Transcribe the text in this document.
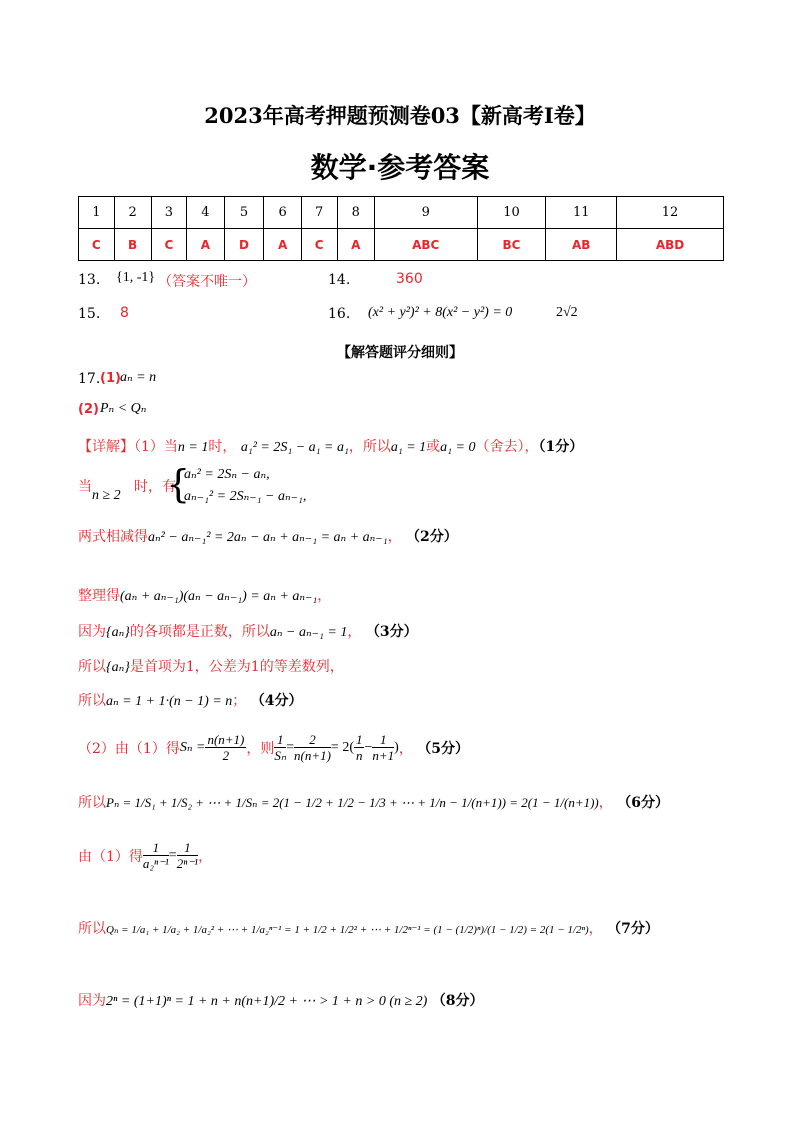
2023年高考押题预测卷03【新高考Ⅰ卷】
数学·参考答案
1	2	3	4	5	6	7	8	9	10	11	12
C	B	C	A	D	A	C	A	ABC	BC	AB	ABD
13. {1, -1} （答案不唯一）	14.	360
15. 8	16. (x² + y²)² + 8(x² − y²) = 0	2√2
【解答题评分细则】
17. (1) aₙ = n
(2) Pₙ < Qₙ
【详解】（1）当n = 1时， a₁² = 2S₁ − a₁ = a₁，所以a₁ = 1或a₁ = 0（舍去），（1分）
当
n ≥ 2
时，有
{
aₙ² = 2Sₙ − aₙ,
aₙ₋₁² = 2Sₙ₋₁ − aₙ₋₁,
两式相减得aₙ² − aₙ₋₁² = 2aₙ − aₙ + aₙ₋₁ = aₙ + aₙ₋₁， （2分）
整理得(aₙ + aₙ₋₁)(aₙ − aₙ₋₁) = aₙ + aₙ₋₁，
因为{aₙ}的各项都是正数，所以aₙ − aₙ₋₁ = 1， （3分）
所以{aₙ}是首项为1，公差为1的等差数列，
所以aₙ = 1 + 1·(n − 1) = n； （4分）
（2）由（1）得 $S_n = \frac{n(n+1)}{2}$ ，则 $\frac{1}{\text{Sₙ}} = \frac{2}{n(n+1)} = 2( \frac{1}{n} - \frac{1}{n+1}$ ) ，
（5分）
所以Pₙ = 1/S₁ + 1/S₂ + ⋯ + 1/Sₙ = 2(1 − 1/2 + 1/2 − 1/3 + ⋯ + 1/n − 1/(n+1)) = 2(1 − 1/(n+1))， （6分）
由（1）得 $\frac{1}{\text{a₂ⁿ⁻¹}} = \frac{1}{\text{2ⁿ⁻¹}}$ ，
所以Qₙ = 1/a₁ + 1/a₂ + 1/a₂² + ⋯ + 1/a₂ⁿ⁻¹ = 1 + 1/2 + 1/2² + ⋯ + 1/2ⁿ⁻¹ = (1 − (1/2)ⁿ)/(1 − 1/2) = 2(1 − 1/2ⁿ)， （7分）
因为2ⁿ = (1+1)ⁿ = 1 + n + n(n+1)/2 + ⋯ > 1 + n > 0 (n ≥ 2) （8分）
